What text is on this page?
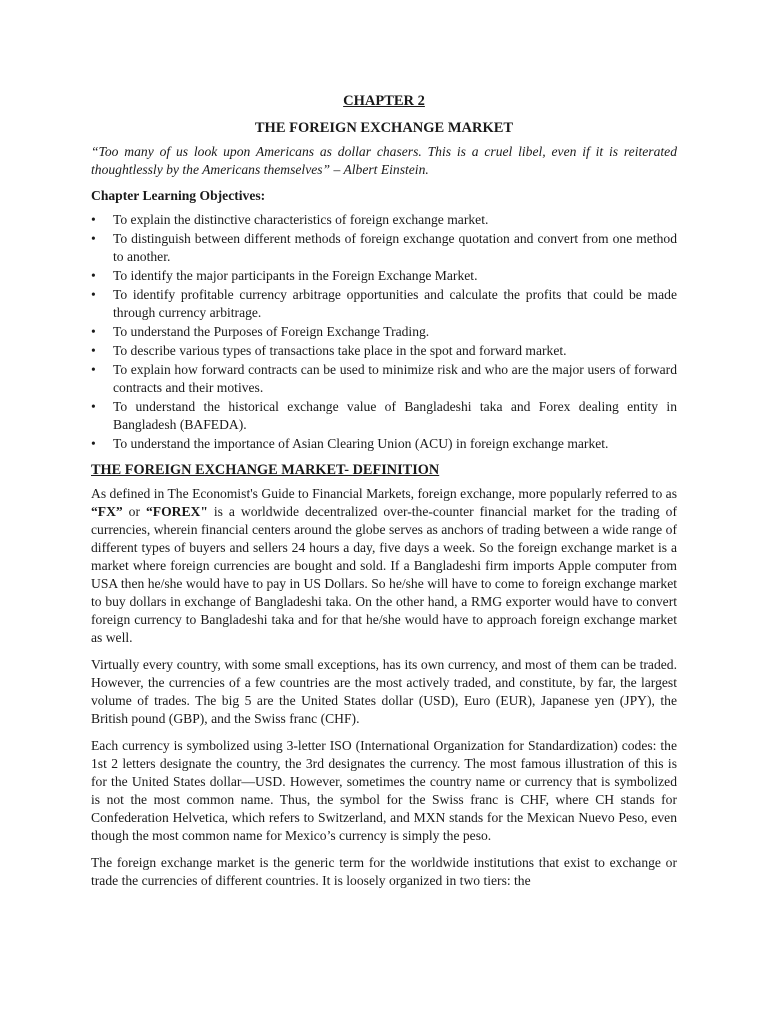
CHAPTER 2
THE FOREIGN EXCHANGE MARKET

“Too many of us look upon Americans as dollar chasers. This is a cruel libel, even if it is reiterated thoughtlessly by the Americans themselves” – Albert Einstein.

Chapter Learning Objectives:
• To explain the distinctive characteristics of foreign exchange market.
• To distinguish between different methods of foreign exchange quotation and convert from one method to another.
• To identify the major participants in the Foreign Exchange Market.
• To identify profitable currency arbitrage opportunities and calculate the profits that could be made through currency arbitrage.
• To understand the Purposes of Foreign Exchange Trading.
• To describe various types of transactions take place in the spot and forward market.
• To explain how forward contracts can be used to minimize risk and who are the major users of forward contracts and their motives.
• To understand the historical exchange value of Bangladeshi taka and Forex dealing entity in Bangladesh (BAFEDA).
• To understand the importance of Asian Clearing Union (ACU) in foreign exchange market.
THE FOREIGN EXCHANGE MARKET- DEFINITION

As defined in The Economist's Guide to Financial Markets, foreign exchange, more popularly referred to as “FX” or “FOREX" is a worldwide decentralized over-the-counter financial market for the trading of currencies, wherein financial centers around the globe serves as anchors of trading between a wide range of different types of buyers and sellers 24 hours a day, five days a week. So the foreign exchange market is a market where foreign currencies are bought and sold. If a Bangladeshi firm imports Apple computer from USA then he/she would have to pay in US Dollars. So he/she will have to come to foreign exchange market to buy dollars in exchange of Bangladeshi taka. On the other hand, a RMG exporter would have to convert foreign currency to Bangladeshi taka and for that he/she would have to approach foreign exchange market as well.

Virtually every country, with some small exceptions, has its own currency, and most of them can be traded. However, the currencies of a few countries are the most actively traded, and constitute, by far, the largest volume of trades. The big 5 are the United States dollar (USD), Euro (EUR), Japanese yen (JPY), the British pound (GBP), and the Swiss franc (CHF).

Each currency is symbolized using 3-letter ISO (International Organization for Standardization) codes: the 1st 2 letters designate the country, the 3rd designates the currency. The most famous illustration of this is for the United States dollar—USD. However, sometimes the country name or currency that is symbolized is not the most common name. Thus, the symbol for the Swiss franc is CHF, where CH stands for Confederation Helvetica, which refers to Switzerland, and MXN stands for the Mexican Nuevo Peso, even though the most common name for Mexico’s currency is simply the peso.

The foreign exchange market is the generic term for the worldwide institutions that exist to exchange or trade the currencies of different countries. It is loosely organized in two tiers: the
